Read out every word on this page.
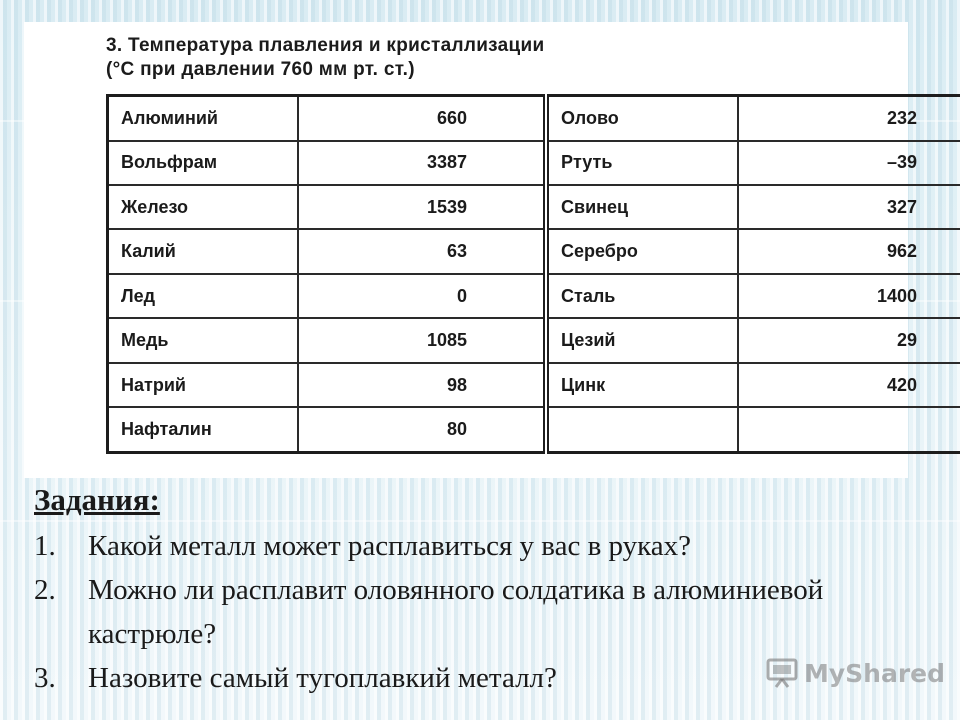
3. Температура плавления и кристаллизации
(°C при давлении 760 мм рт. ст.)
Алюминий	660	Олово	232
Вольфрам	3387	Ртуть	–39
Железо	1539	Свинец	327
Калий	63	Серебро	962
Лед	0	Сталь	1400
Медь	1085	Цезий	29
Натрий	98	Цинк	420
Нафталин	80		
Задания:
1. Какой металл может расплавиться у вас в руках?
2. Можно ли расплавит оловянного солдатика в алюминиевой кастрюле?
3. Назовите самый тугоплавкий металл?	MyShared
